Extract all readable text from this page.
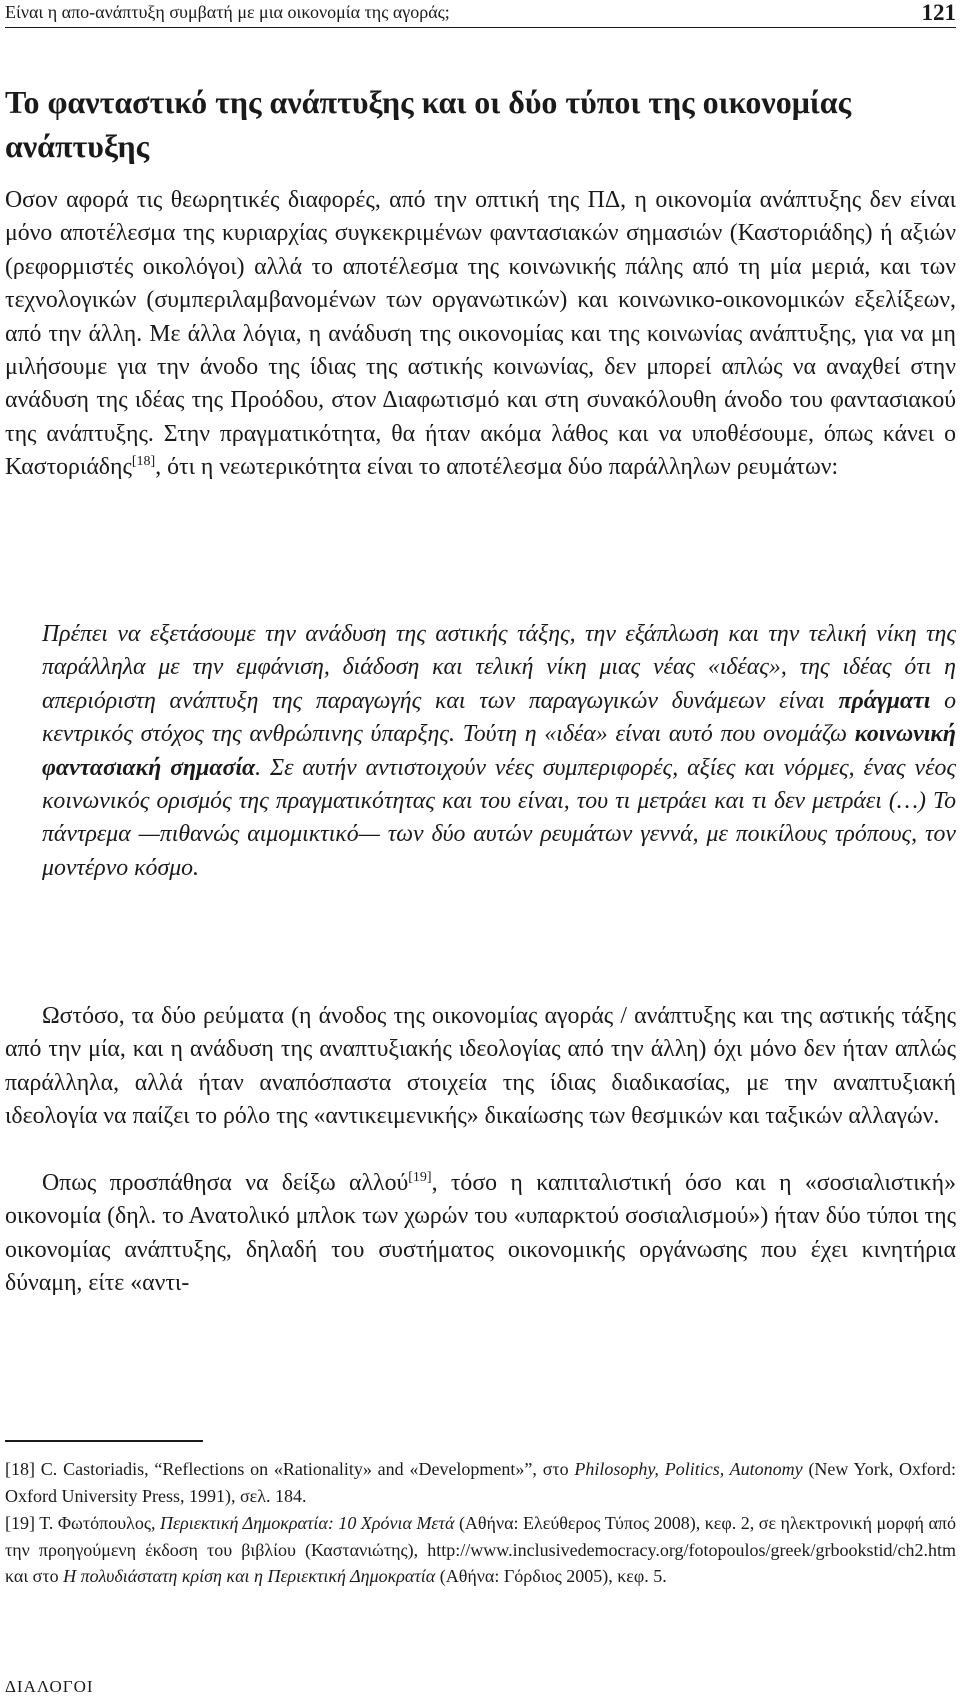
Είναι η απο-ανάπτυξη συμβατή με μια οικονομία της αγοράς;	121
Το φανταστικό της ανάπτυξης και οι δύο τύποι της οικονομίας ανάπτυξης

Οσον αφορά τις θεωρητικές διαφορές, από την οπτική της ΠΔ, η οικονομία ανάπτυξης δεν είναι μόνο αποτέλεσμα της κυριαρχίας συγκεκριμένων φαντασιακών σημασιών (Καστοριάδης) ή αξιών (ρεφορμιστές οικολόγοι) αλλά το αποτέλεσμα της κοινωνικής πάλης από τη μία μεριά, και των τεχνολογικών (συμπεριλαμβανομένων των οργανωτικών) και κοινωνικο-οικονομικών εξελίξεων, από την άλλη. Με άλλα λόγια, η ανάδυση της οικονομίας και της κοινωνίας ανάπτυξης, για να μη μιλήσουμε για την άνοδο της ίδιας της αστικής κοινωνίας, δεν μπορεί απλώς να αναχθεί στην ανάδυση της ιδέας της Προόδου, στον Διαφωτισμό και στη συνακόλουθη άνοδο του φαντασιακού της ανάπτυξης. Στην πραγματικότητα, θα ήταν ακόμα λάθος και να υποθέσουμε, όπως κάνει ο Καστοριάδης[18], ότι η νεωτερικότητα είναι το αποτέλεσμα δύο παράλληλων ρευμάτων:

Πρέπει να εξετάσουμε την ανάδυση της αστικής τάξης, την εξάπλωση και την τελική νίκη της παράλληλα με την εμφάνιση, διάδοση και τελική νίκη μιας νέας «ιδέας», της ιδέας ότι η απεριόριστη ανάπτυξη της παραγωγής και των παραγωγικών δυνάμεων είναι πράγματι ο κεντρικός στόχος της ανθρώπινης ύπαρξης. Τούτη η «ιδέα» είναι αυτό που ονομάζω κοινωνική φαντασιακή σημασία. Σε αυτήν αντιστοιχούν νέες συμπεριφορές, αξίες και νόρμες, ένας νέος κοινωνικός ορισμός της πραγματικότητας και του είναι, του τι μετράει και τι δεν μετράει (…) Το πάντρεμα —πιθανώς αιμομικτικό— των δύο αυτών ρευμάτων γεννά, με ποικίλους τρόπους, τον μοντέρνο κόσμο.

Ωστόσο, τα δύο ρεύματα (η άνοδος της οικονομίας αγοράς / ανάπτυξης και της αστικής τάξης από την μία, και η ανάδυση της αναπτυξιακής ιδεολογίας από την άλλη) όχι μόνο δεν ήταν απλώς παράλληλα, αλλά ήταν αναπόσπαστα στοιχεία της ίδιας διαδικασίας, με την αναπτυξιακή ιδεολογία να παίζει το ρόλο της «αντικειμενικής» δικαίωσης των θεσμικών και ταξικών αλλαγών.

Οπως προσπάθησα να δείξω αλλού[19], τόσο η καπιταλιστική όσο και η «σοσιαλιστική» οικονομία (δηλ. το Ανατολικό μπλοκ των χωρών του «υπαρκτού σοσιαλισμού») ήταν δύο τύποι της οικονομίας ανάπτυξης, δηλαδή του συστήματος οικονομικής οργάνωσης που έχει κινητήρια δύναμη, είτε «αντι-

[18] C. Castoriadis, “Reflections on «Rationality» and «Development»”, στο Philosophy, Politics, Autonomy (New York, Oxford: Oxford University Press, 1991), σελ. 184.

[19] Τ. Φωτόπουλος, Περιεκτική Δημοκρατία: 10 Χρόνια Μετά (Αθήνα: Ελεύθερος Τύπος 2008), κεφ. 2, σε ηλεκτρονική μορφή από την προηγούμενη έκδοση του βιβλίου (Καστανιώτης), http://www.inclusivedemocracy.org/fotopoulos/greek/grbookstid/ch2.htm και στο Η πολυδιάστατη κρίση και η Περιεκτική Δημοκρατία (Αθήνα: Γόρδιος 2005), κεφ. 5.

ΔΙΑΛΟΓΟΙ
